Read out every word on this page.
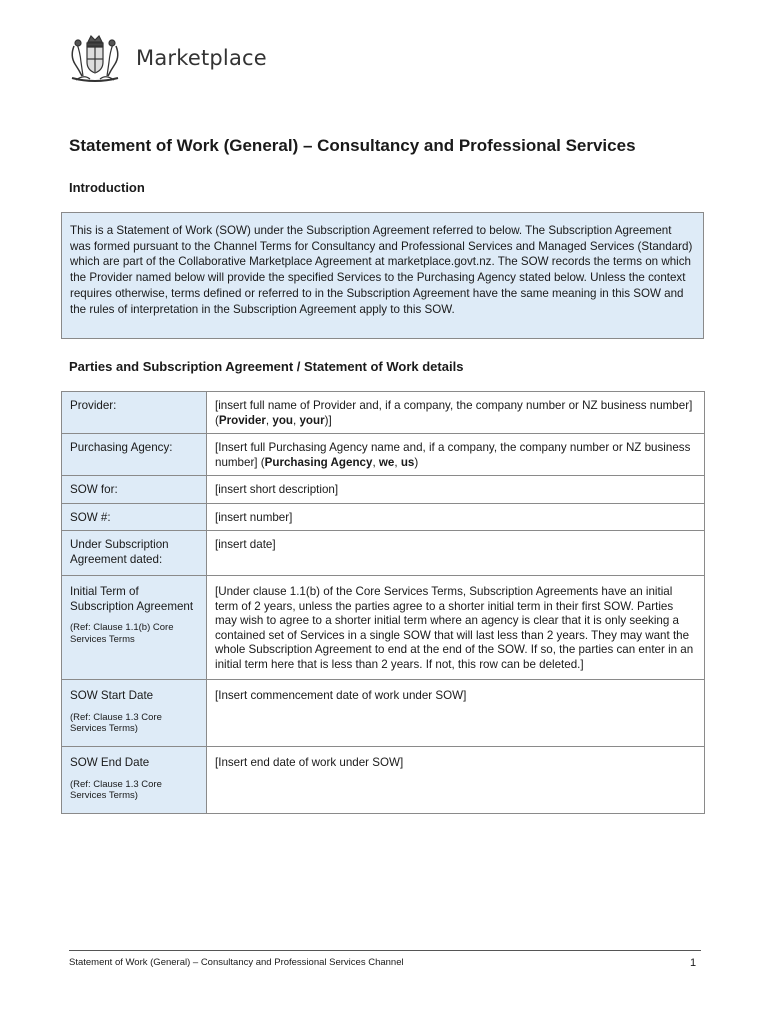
Marketplace
Statement of Work (General) – Consultancy and Professional Services
Introduction
This is a Statement of Work (SOW) under the Subscription Agreement referred to below. The Subscription Agreement was formed pursuant to the Channel Terms for Consultancy and Professional Services and Managed Services (Standard) which are part of the Collaborative Marketplace Agreement at marketplace.govt.nz. The SOW records the terms on which the Provider named below will provide the specified Services to the Purchasing Agency stated below. Unless the context requires otherwise, terms defined or referred to in the Subscription Agreement have the same meaning in this SOW and the rules of interpretation in the Subscription Agreement apply to this SOW.
Parties and Subscription Agreement / Statement of Work details
Provider:	[insert full name of Provider and, if a company, the company number or NZ business number] (Provider, you, your)]
Purchasing Agency:	[Insert full Purchasing Agency name and, if a company, the company number or NZ business number] (Purchasing Agency, we, us)
SOW for:	[insert short description]
SOW #:	[insert number]
Under Subscription Agreement dated:	[insert date]
Initial Term of Subscription Agreement
(Ref: Clause 1.1(b) Core Services Terms	[Under clause 1.1(b) of the Core Services Terms, Subscription Agreements have an initial term of 2 years, unless the parties agree to a shorter initial term in their first SOW. Parties may wish to agree to a shorter initial term where an agency is clear that it is only seeking a contained set of Services in a single SOW that will last less than 2 years. They may want the whole Subscription Agreement to end at the end of the SOW. If so, the parties can enter in an initial term here that is less than 2 years. If not, this row can be deleted.]
SOW Start Date
(Ref: Clause 1.3 Core Services Terms)	[Insert commencement date of work under SOW]
SOW End Date
(Ref: Clause 1.3 Core Services Terms)	[Insert end date of work under SOW]
Statement of Work (General) – Consultancy and Professional Services Channel	1
